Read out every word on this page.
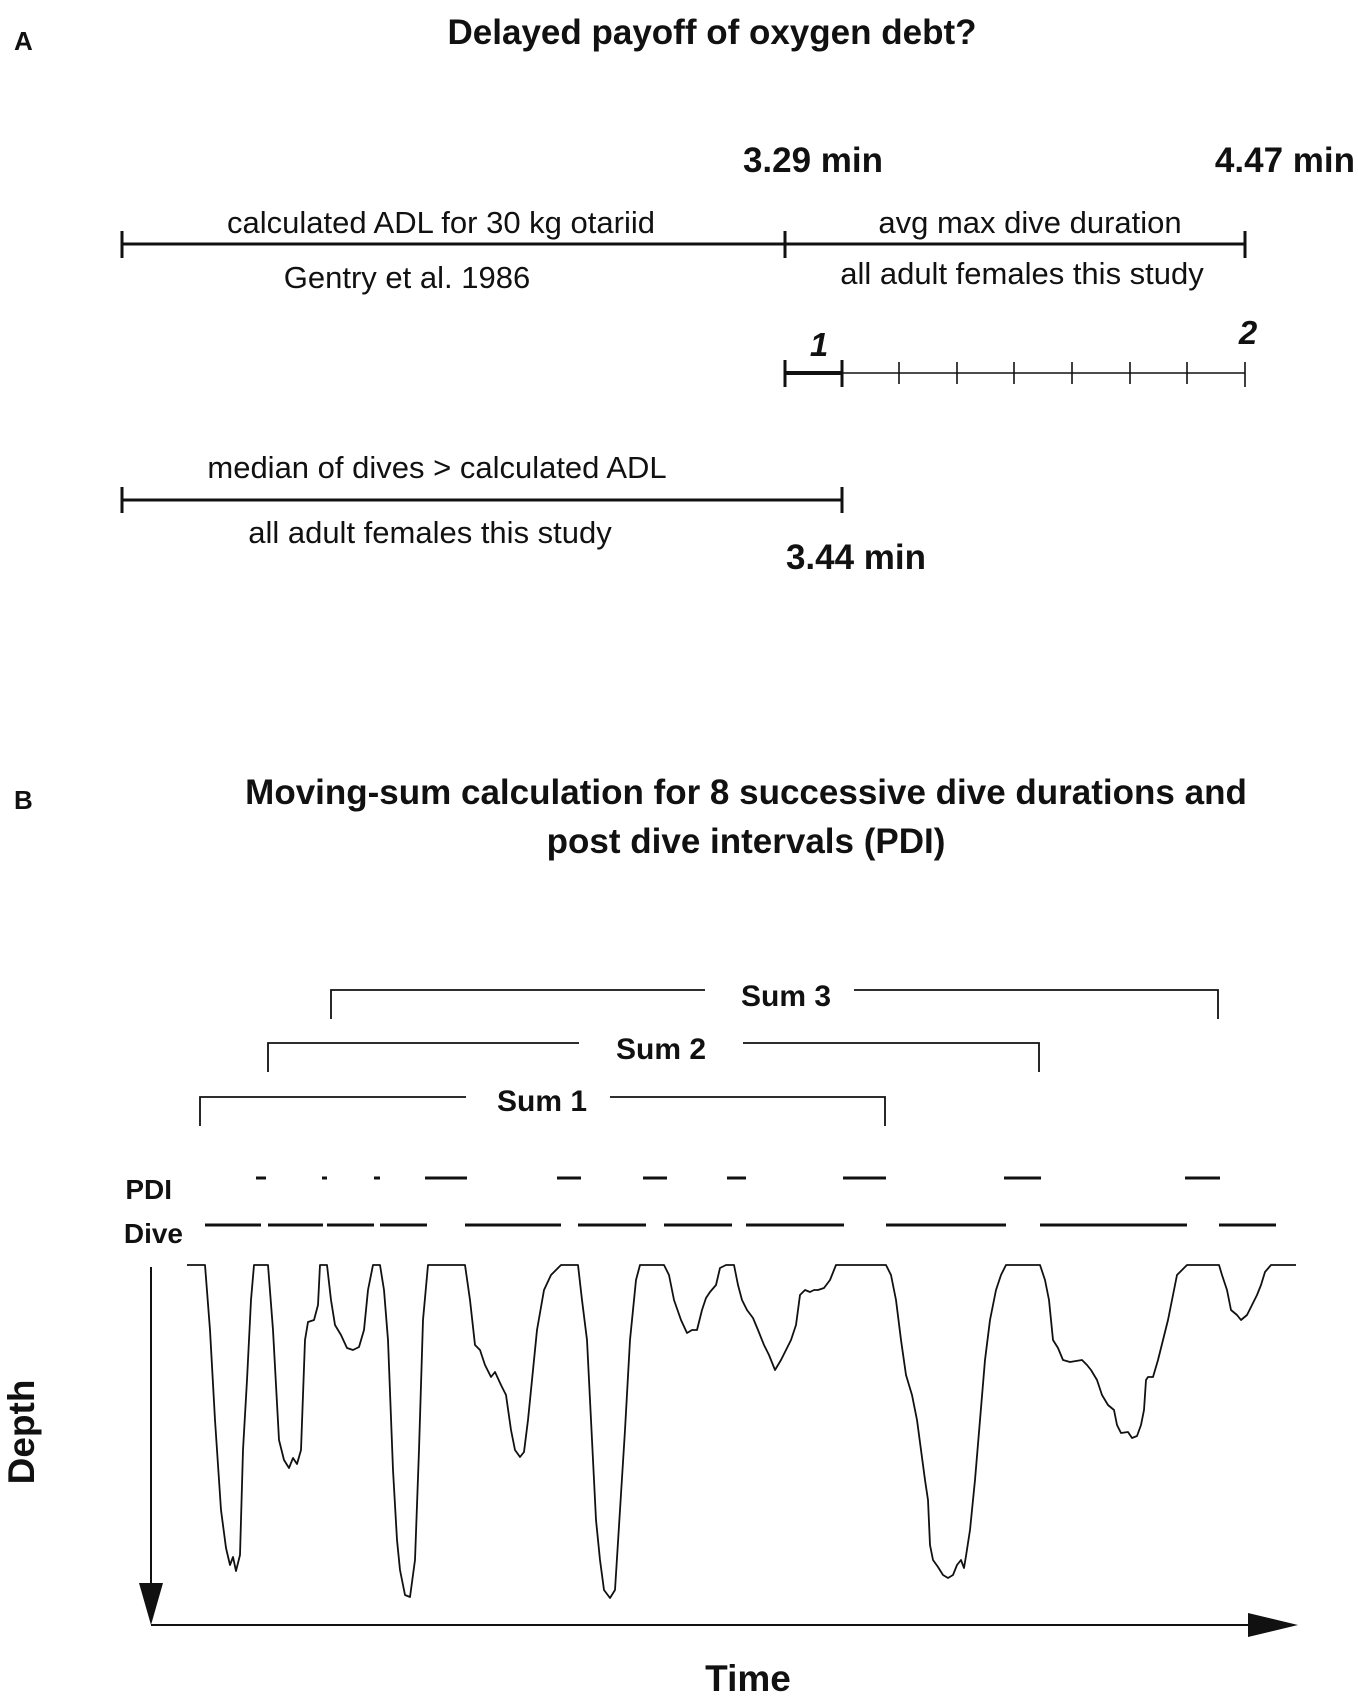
A	Delayed payoff of oxygen debt?
3.29 min	4.47 min
calculated ADL for 30 kg otariid
Gentry et al. 1986
avg max dive duration
all adult females this study
1	2
median of dives > calculated ADL
all adult females this study
3.44 min
B	Moving-sum calculation for 8 successive dive durations and
post dive intervals (PDI)
Sum 3
Sum 2
Sum 1
PDI
Dive
Depth
Time
